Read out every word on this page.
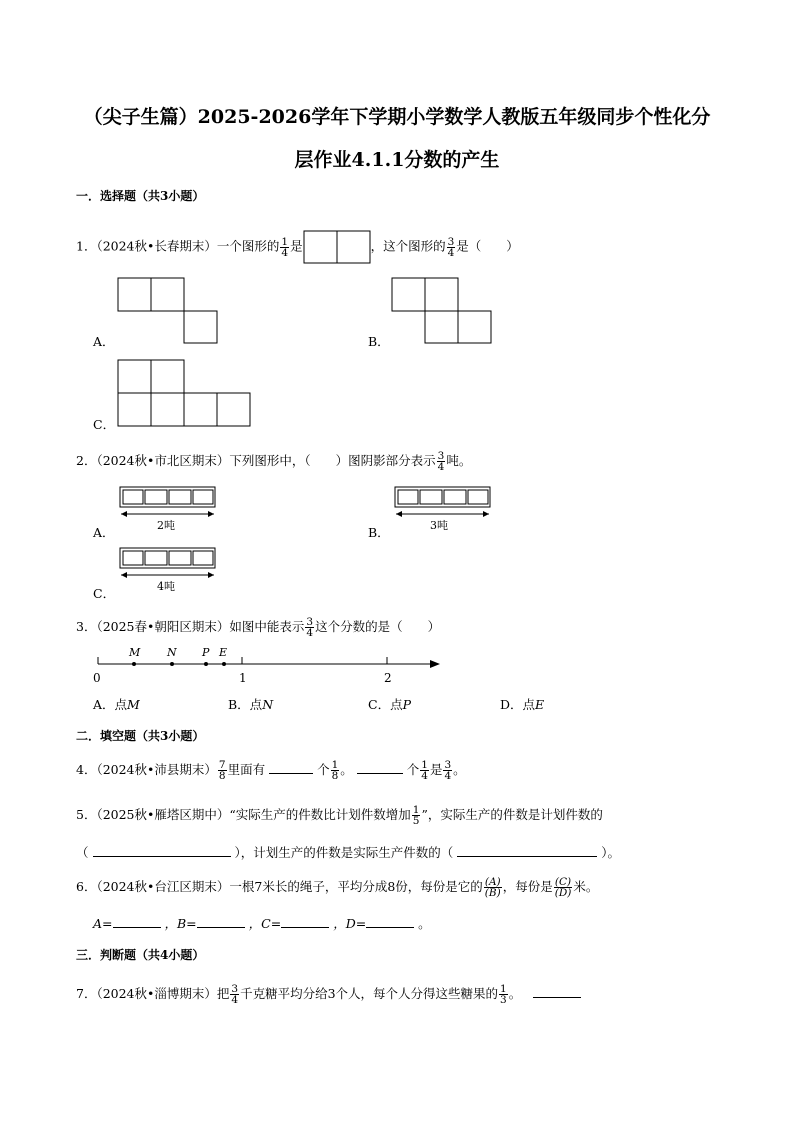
（尖子生篇）2025-2026学年下学期小学数学人教版五年级同步个性化分
层作业4.1.1分数的产生
一．选择题（共3小题）
1．（2024秋•长春期末）一个图形的 $\frac{1}{4}$ 是	，这个图形的 $\frac{3}{4}$ 是（　　）
A．	B．
C．
2．（2024秋•市北区期末）下列图形中，（　　）图阴影部分表示 $\frac{3}{4}$ 吨。
2吨
A．	3吨
B．
4吨
C．
3．（2025春•朝阳区期末）如图中能表示 $\frac{3}{4}$ 这个分数的是（　　）
M N P E
0	1	2
A．点M	B．点N	C．点P	D．点E
二．填空题（共3小题）
4．（2024秋•沛县期末） $\frac{7}{8}$ 里面有	个 $\frac{1}{8}$ 。	个 $\frac{1}{4}$ 是 $\frac{3}{4}$ 。
5．（2025秋•雁塔区期中）“实际生产的件数比计划件数增加 $\frac{1}{5}$ ”，实际生产的件数是计划件数的
（	），计划生产的件数是实际生产件数的（	）。
6．（2024秋•台江区期末）一根7米长的绳子，平均分成8份，每份是它的 $\frac{(A)}{(B)}$ ，每份是 $\frac{(C)}{(D)}$ 米。
A=	，B=	，C=	，D=	。
三．判断题（共4小题）
7．（2024秋•淄博期末）把 $\frac{3}{4}$ 千克糖平均分给3个人，每个人分得这些糖果的 $\frac{1}{3}$ 。
